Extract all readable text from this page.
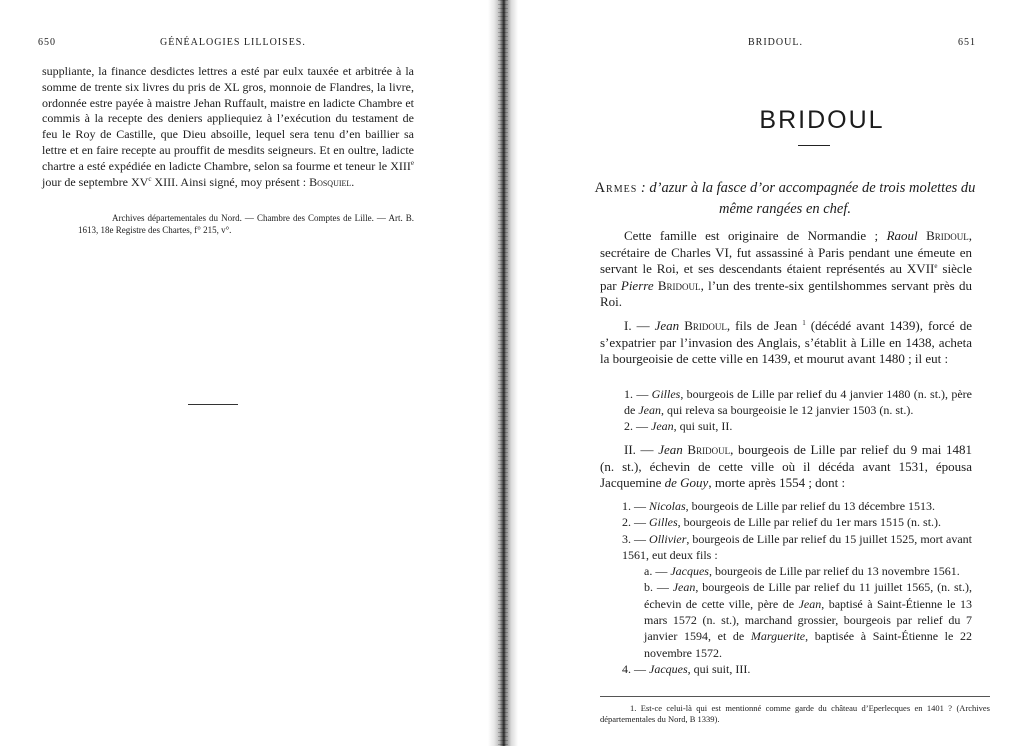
650	GÉNÉALOGIES LILLOISES.
suppliante, la finance desdictes lettres a esté par eulx tauxée et arbitrée à la somme de trente six livres du pris de XL gros, monnoie de Flandres, la livre, ordonnée estre payée à maistre Jehan Ruffault, maistre en ladicte Chambre et commis à la recepte des deniers appliequiez à l’exécution du testament de feu le Roy de Castille, que Dieu absoille, lequel sera tenu d’en baillier sa lettre et en faire recepte au prouffit de mesdits seigneurs. Et en oultre, ladicte chartre a esté expédiée en ladicte Chambre, selon sa fourme et teneur le XIIIe jour de septembre $XV^c$ XIII. Ainsi signé, moy présent : Bosquiel.
Archives départementales du Nord. — Chambre des Comptes de Lille. — Art. B. 1613, 18e Registre des Chartes, f° 215, v°.
BRIDOUL.	651
BRIDOUL
Armes : d’azur à la fasce d’or accompagnée de trois molettes du même rangées en chef.
Cette famille est originaire de Normandie ; Raoul Bridoul, secrétaire de Charles VI, fut assassiné à Paris pendant une émeute en servant le Roi, et ses descendants étaient représentés au XVIIe siècle par Pierre Bridoul, l’un des trente-six gentilshommes servant près du Roi.
I. — Jean Bridoul, fils de Jean $^1$ (décédé avant 1439), forcé de s’expatrier par l’invasion des Anglais, s’établit à Lille en 1438, acheta la bourgeoisie de cette ville en 1439, et mourut avant 1480 ; il eut :
1. — Gilles, bourgeois de Lille par relief du 4 janvier 1480 (n. st.), père de Jean, qui releva sa bourgeoisie le 12 janvier 1503 (n. st.).
2. — Jean, qui suit, II.
II. — Jean Bridoul, bourgeois de Lille par relief du 9 mai 1481 (n. st.), échevin de cette ville où il décéda avant 1531, épousa Jacquemine de Gouy, morte après 1554 ; dont :
1. — Nicolas, bourgeois de Lille par relief du 13 décembre 1513.
2. — Gilles, bourgeois de Lille par relief du 1er mars 1515 (n. st.).
3. — Ollivier, bourgeois de Lille par relief du 15 juillet 1525, mort avant 1561, eut deux fils :
a. — Jacques, bourgeois de Lille par relief du 13 novembre 1561.
b. — Jean, bourgeois de Lille par relief du 11 juillet 1565, (n. st.), échevin de cette ville, père de Jean, baptisé à Saint-Étienne le 13 mars 1572 (n. st.), marchand grossier, bourgeois par relief du 7 janvier 1594, et de Marguerite, baptisée à Saint-Étienne le 22 novembre 1572.
4. — Jacques, qui suit, III.
1. Est-ce celui-là qui est mentionné comme garde du château d’Eperlecques en 1401 ? (Archives départementales du Nord, B 1339).
